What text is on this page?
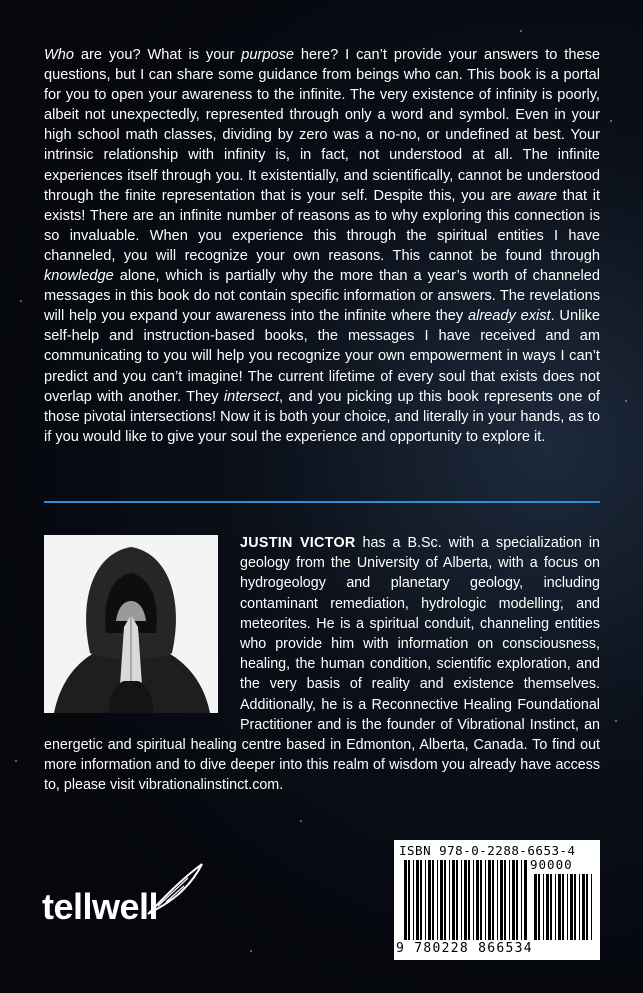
Who are you? What is your purpose here? I can’t provide your answers to these questions, but I can share some guidance from beings who can. This book is a portal for you to open your awareness to the infinite. The very existence of infinity is poorly, albeit not unexpectedly, represented through only a word and symbol. Even in your high school math classes, dividing by zero was a no-no, or undefined at best. Your intrinsic relationship with infinity is, in fact, not understood at all. The infinite experiences itself through you. It existentially, and scientifically, cannot be understood through the finite representation that is your self. Despite this, you are aware that it exists! There are an infinite number of reasons as to why exploring this connection is so invaluable. When you experience this through the spiritual entities I have channeled, you will recognize your own reasons. This cannot be found through knowledge alone, which is partially why the more than a year’s worth of channeled messages in this book do not contain specific information or answers. The revelations will help you expand your awareness into the infinite where they already exist. Unlike self-help and instruction-based books, the messages I have received and am communicating to you will help you recognize your own empowerment in ways I can’t predict and you can’t imagine! The current lifetime of every soul that exists does not overlap with another. They intersect, and you picking up this book represents one of those pivotal intersections! Now it is both your choice, and literally in your hands, as to if you would like to give your soul the experience and opportunity to explore it.

JUSTIN VICTOR has a B.Sc. with a specialization in geology from the University of Alberta, with a focus on hydrogeology and planetary geology, including contaminant remediation, hydrologic modelling, and meteorites. He is a spiritual conduit, channeling entities who provide him with information on consciousness, healing, the human condition, scientific exploration, and the very basis of reality and existence themselves. Additionally, he is a Reconnective Healing Foundational Practitioner and is the founder of Vibrational Instinct, an energetic and spiritual healing centre based in Edmonton, Alberta, Canada. To find out more information and to dive deeper into this realm of wisdom you already have access to, please visit vibrationalinstinct.com.

tellwell
ISBN 978-0-2288-6653-4
90000
9 780228 866534
